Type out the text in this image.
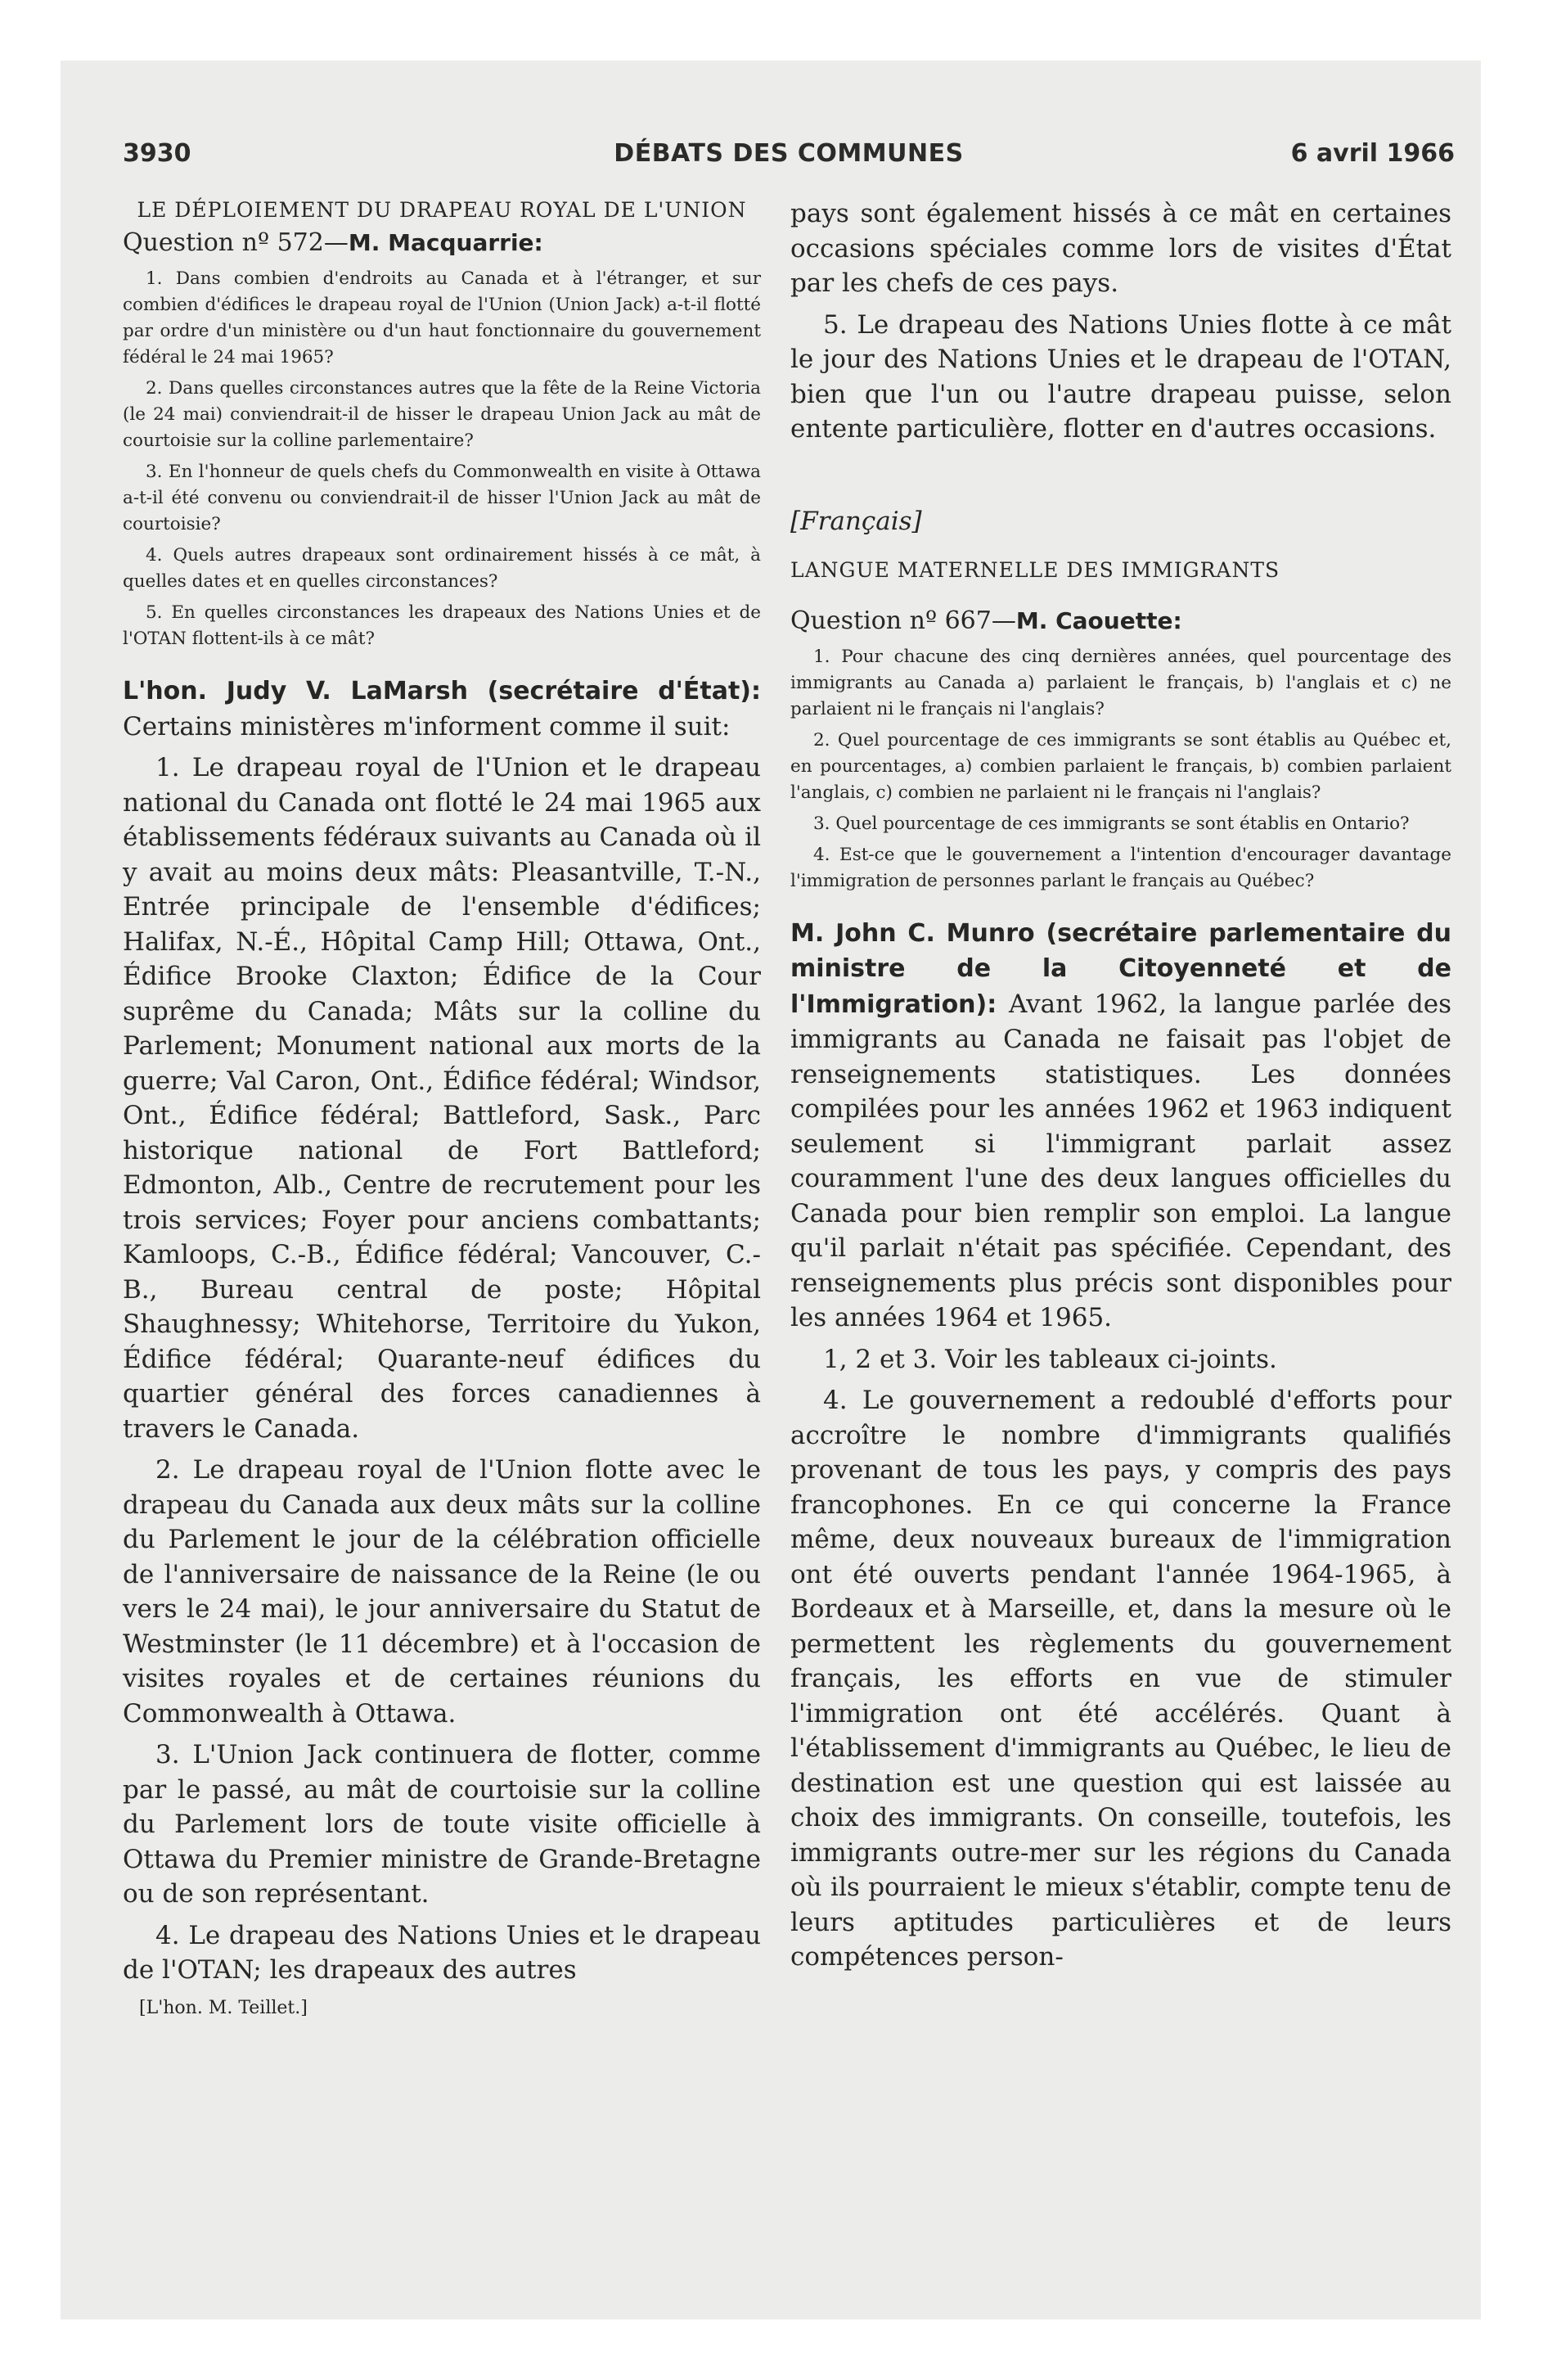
3930	DÉBATS DES COMMUNES	6 avril 1966

LE DÉPLOIEMENT DU DRAPEAU ROYAL DE L'UNION

Question nº 572—M. Macquarrie:

1. Dans combien d'endroits au Canada et à l'étranger, et sur combien d'édifices le drapeau royal de l'Union (Union Jack) a-t-il flotté par ordre d'un ministère ou d'un haut fonctionnaire du gouvernement fédéral le 24 mai 1965?

2. Dans quelles circonstances autres que la fête de la Reine Victoria (le 24 mai) conviendrait-il de hisser le drapeau Union Jack au mât de courtoisie sur la colline parlementaire?

3. En l'honneur de quels chefs du Commonwealth en visite à Ottawa a-t-il été convenu ou conviendrait-il de hisser l'Union Jack au mât de courtoisie?

4. Quels autres drapeaux sont ordinairement hissés à ce mât, à quelles dates et en quelles circonstances?

5. En quelles circonstances les drapeaux des Nations Unies et de l'OTAN flottent-ils à ce mât?

L'hon. Judy V. LaMarsh (secrétaire d'État): Certains ministères m'informent comme il suit:

1. Le drapeau royal de l'Union et le drapeau national du Canada ont flotté le 24 mai 1965 aux établissements fédéraux suivants au Canada où il y avait au moins deux mâts: Pleasantville, T.-N., Entrée principale de l'ensemble d'édifices; Halifax, N.-É., Hôpital Camp Hill; Ottawa, Ont., Édifice Brooke Claxton; Édifice de la Cour suprême du Canada; Mâts sur la colline du Parlement; Monument national aux morts de la guerre; Val Caron, Ont., Édifice fédéral; Windsor, Ont., Édifice fédéral; Battleford, Sask., Parc historique national de Fort Battleford; Edmonton, Alb., Centre de recrutement pour les trois services; Foyer pour anciens combattants; Kamloops, C.-B., Édifice fédéral; Vancouver, C.-B., Bureau central de poste; Hôpital Shaughnessy; Whitehorse, Territoire du Yukon, Édifice fédéral; Quarante-neuf édifices du quartier général des forces canadiennes à travers le Canada.

2. Le drapeau royal de l'Union flotte avec le drapeau du Canada aux deux mâts sur la colline du Parlement le jour de la célébration officielle de l'anniversaire de naissance de la Reine (le ou vers le 24 mai), le jour anniversaire du Statut de Westminster (le 11 décembre) et à l'occasion de visites royales et de certaines réunions du Commonwealth à Ottawa.

3. L'Union Jack continuera de flotter, comme par le passé, au mât de courtoisie sur la colline du Parlement lors de toute visite officielle à Ottawa du Premier ministre de Grande-Bretagne ou de son représentant.

4. Le drapeau des Nations Unies et le drapeau de l'OTAN; les drapeaux des autres

[L'hon. M. Teillet.]

pays sont également hissés à ce mât en certaines occasions spéciales comme lors de visites d'État par les chefs de ces pays.

5. Le drapeau des Nations Unies flotte à ce mât le jour des Nations Unies et le drapeau de l'OTAN, bien que l'un ou l'autre drapeau puisse, selon entente particulière, flotter en d'autres occasions.

[Français]

LANGUE MATERNELLE DES IMMIGRANTS

Question nº 667—M. Caouette:

1. Pour chacune des cinq dernières années, quel pourcentage des immigrants au Canada a) parlaient le français, b) l'anglais et c) ne parlaient ni le français ni l'anglais?

2. Quel pourcentage de ces immigrants se sont établis au Québec et, en pourcentages, a) combien parlaient le français, b) combien parlaient l'anglais, c) combien ne parlaient ni le français ni l'anglais?

3. Quel pourcentage de ces immigrants se sont établis en Ontario?

4. Est-ce que le gouvernement a l'intention d'encourager davantage l'immigration de personnes parlant le français au Québec?

M. John C. Munro (secrétaire parlementaire du ministre de la Citoyenneté et de l'Immigration): Avant 1962, la langue parlée des immigrants au Canada ne faisait pas l'objet de renseignements statistiques. Les données compilées pour les années 1962 et 1963 indiquent seulement si l'immigrant parlait assez couramment l'une des deux langues officielles du Canada pour bien remplir son emploi. La langue qu'il parlait n'était pas spécifiée. Cependant, des renseignements plus précis sont disponibles pour les années 1964 et 1965.

1, 2 et 3. Voir les tableaux ci-joints.

4. Le gouvernement a redoublé d'efforts pour accroître le nombre d'immigrants qualifiés provenant de tous les pays, y compris des pays francophones. En ce qui concerne la France même, deux nouveaux bureaux de l'immigration ont été ouverts pendant l'année 1964-1965, à Bordeaux et à Marseille, et, dans la mesure où le permettent les règlements du gouvernement français, les efforts en vue de stimuler l'immigration ont été accélérés. Quant à l'établissement d'immigrants au Québec, le lieu de destination est une question qui est laissée au choix des immigrants. On conseille, toutefois, les immigrants outre-mer sur les régions du Canada où ils pourraient le mieux s'établir, compte tenu de leurs aptitudes particulières et de leurs compétences person-
